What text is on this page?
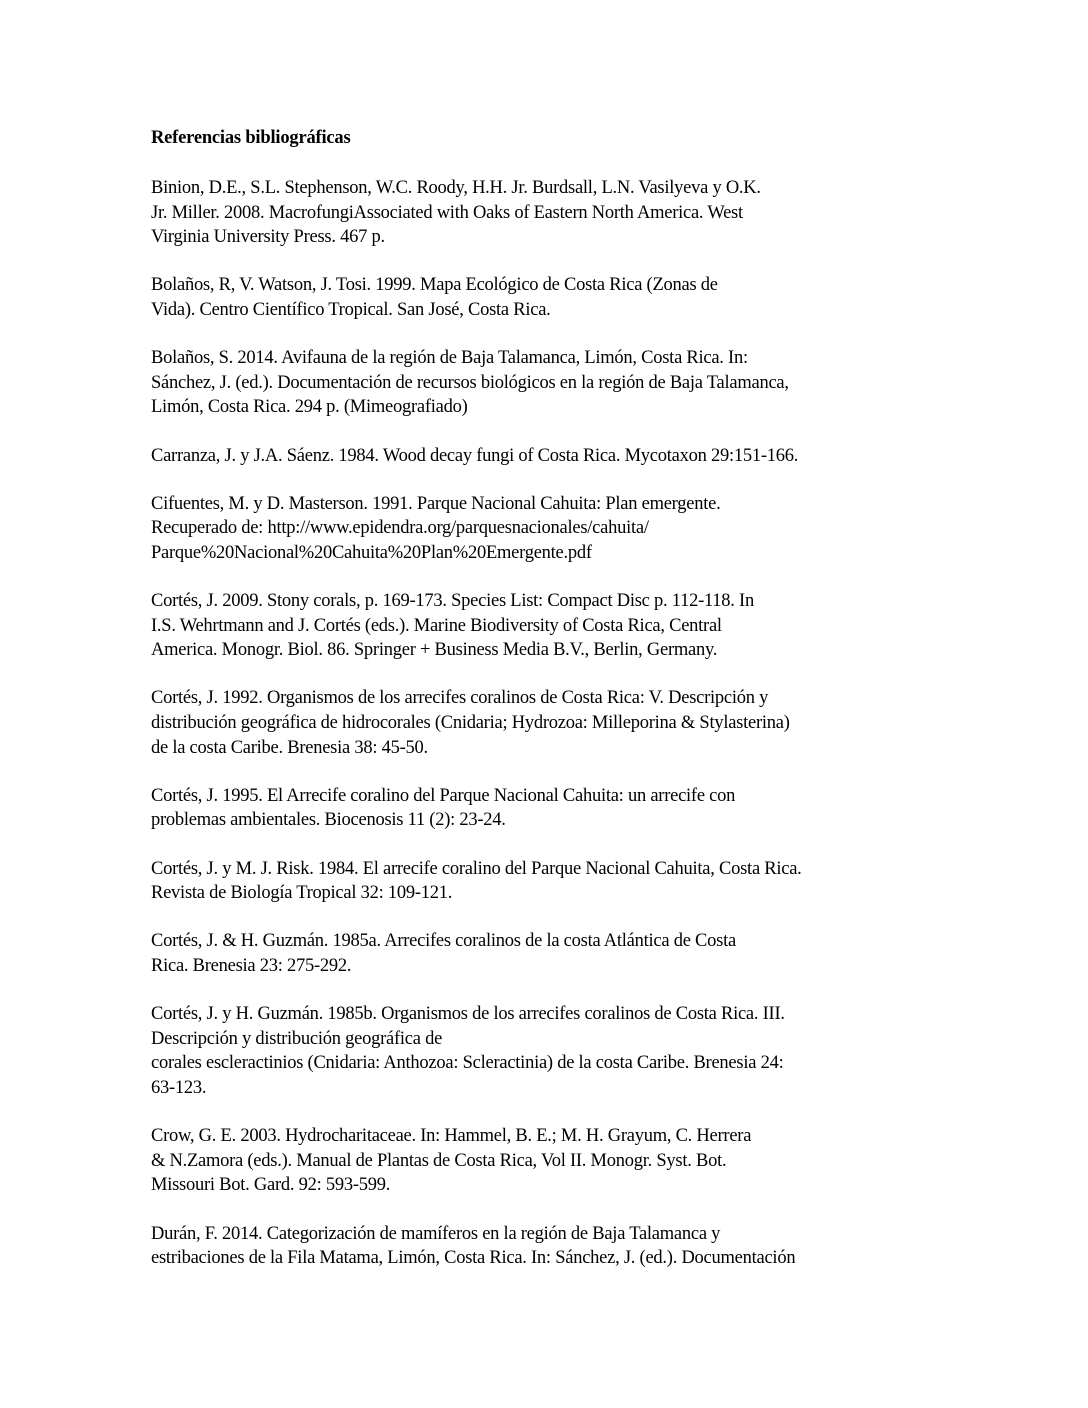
Referencias bibliográficas
Binion, D.E., S.L. Stephenson, W.C. Roody, H.H. Jr. Burdsall, L.N. Vasilyeva y O.K.
Jr. Miller. 2008. MacrofungiAssociated with Oaks of Eastern North America. West
Virginia University Press. 467 p.
Bolaños, R, V. Watson, J. Tosi. 1999. Mapa Ecológico de Costa Rica (Zonas de
Vida). Centro Científico Tropical. San José, Costa Rica.
Bolaños, S. 2014. Avifauna de la región de Baja Talamanca, Limón, Costa Rica. In:
Sánchez, J. (ed.). Documentación de recursos biológicos en la región de Baja Talamanca,
Limón, Costa Rica. 294 p. (Mimeografiado)
Carranza, J. y J.A. Sáenz. 1984. Wood decay fungi of Costa Rica. Mycotaxon 29:151-166.
Cifuentes, M. y D. Masterson. 1991. Parque Nacional Cahuita: Plan emergente.
Recuperado de: http://www.epidendra.org/parquesnacionales/cahuita/
Parque%20Nacional%20Cahuita%20Plan%20Emergente.pdf
Cortés, J. 2009. Stony corals, p. 169-173. Species List: Compact Disc p. 112-118. In
I.S. Wehrtmann and J. Cortés (eds.). Marine Biodiversity of Costa Rica, Central
America. Monogr. Biol. 86. Springer + Business Media B.V., Berlin, Germany.
Cortés, J. 1992. Organismos de los arrecifes coralinos de Costa Rica: V. Descripción y
distribución geográfica de hidrocorales (Cnidaria; Hydrozoa: Milleporina & Stylasterina)
de la costa Caribe. Brenesia 38: 45-50.
Cortés, J. 1995. El Arrecife coralino del Parque Nacional Cahuita: un arrecife con
problemas ambientales. Biocenosis 11 (2): 23-24.
Cortés, J. y M. J. Risk. 1984. El arrecife coralino del Parque Nacional Cahuita, Costa Rica.
Revista de Biología Tropical 32: 109-121.
Cortés, J. & H. Guzmán. 1985a. Arrecifes coralinos de la costa Atlántica de Costa
Rica. Brenesia 23: 275-292.
Cortés, J. y H. Guzmán. 1985b. Organismos de los arrecifes coralinos de Costa Rica. III.
Descripción y distribución geográfica de
corales escleractinios (Cnidaria: Anthozoa: Scleractinia) de la costa Caribe. Brenesia 24:
63-123.
Crow, G. E. 2003. Hydrocharitaceae. In: Hammel, B. E.; M. H. Grayum, C. Herrera
& N.Zamora (eds.). Manual de Plantas de Costa Rica, Vol II. Monogr. Syst. Bot.
Missouri Bot. Gard. 92: 593-599.
Durán, F. 2014. Categorización de mamíferos en la región de Baja Talamanca y
estribaciones de la Fila Matama, Limón, Costa Rica. In: Sánchez, J. (ed.). Documentación
